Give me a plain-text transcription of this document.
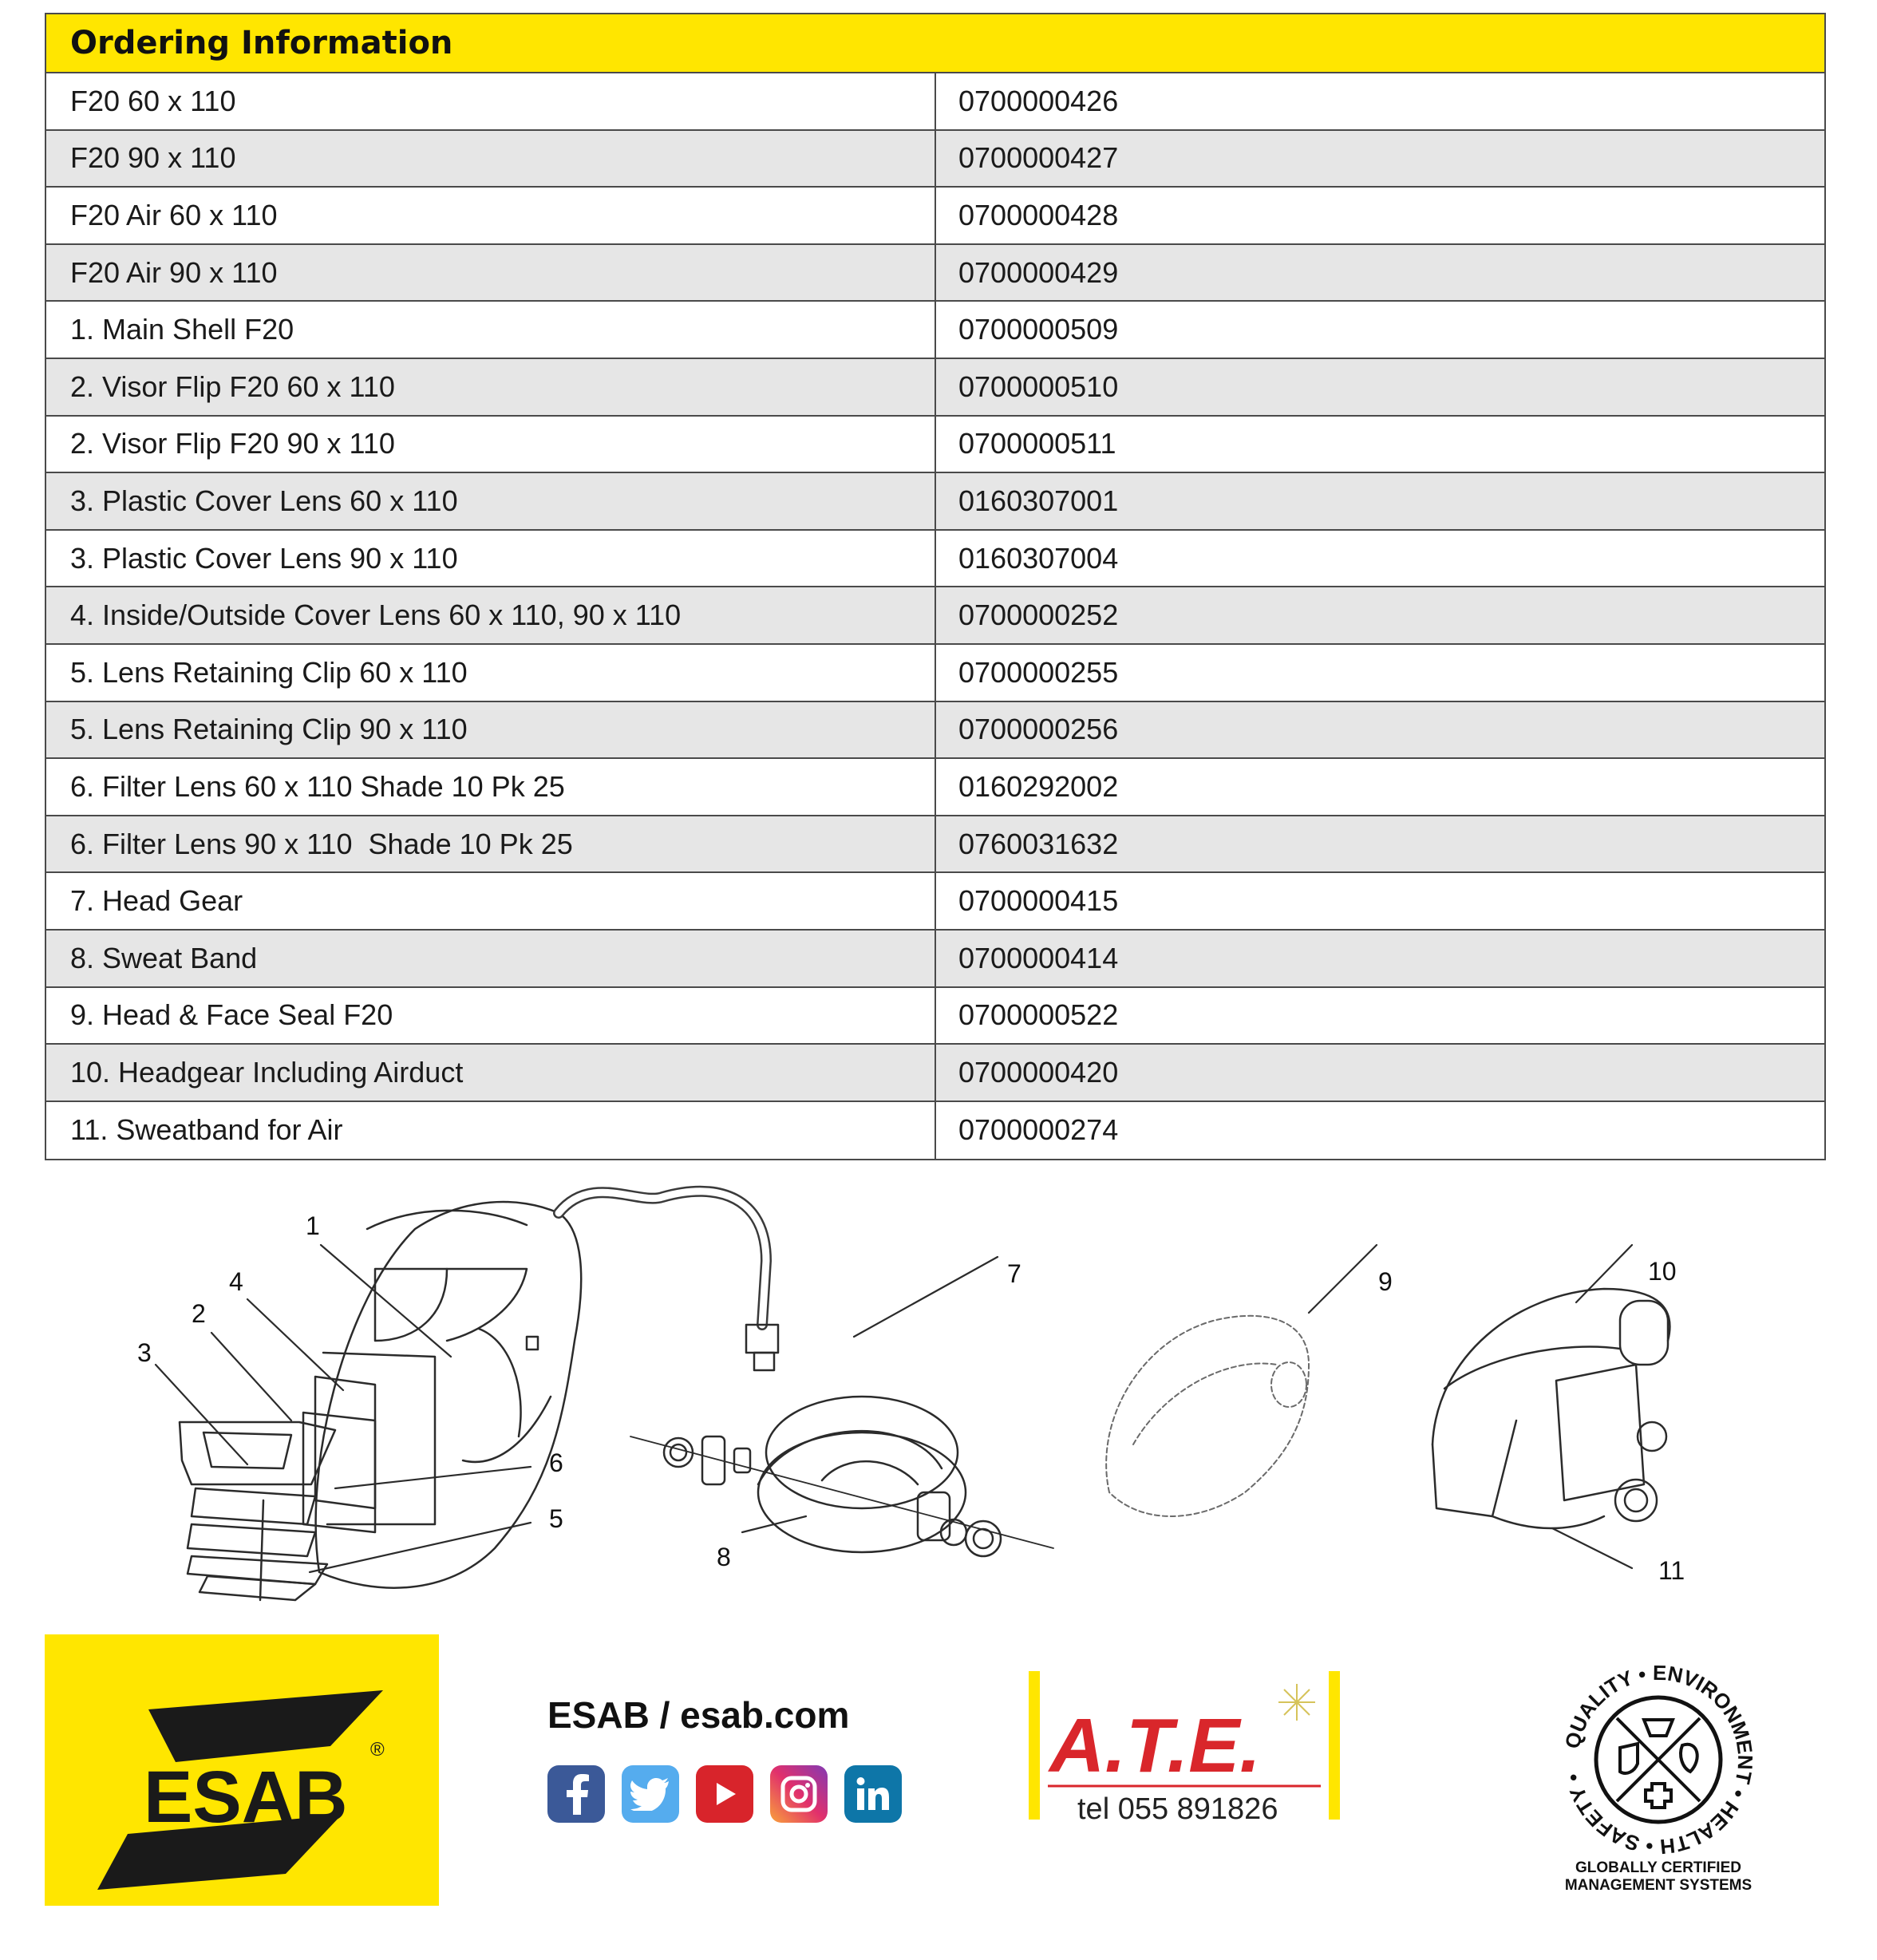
Ordering Information
F20 60 x 110	0700000426
F20 90 x 110	0700000427
F20 Air 60 x 110	0700000428
F20 Air 90 x 110	0700000429
1. Main Shell F20	0700000509
2. Visor Flip F20 60 x 110	0700000510
2. Visor Flip F20 90 x 110	0700000511
3. Plastic Cover Lens 60 x 110	0160307001
3. Plastic Cover Lens 90 x 110	0160307004
4. Inside/Outside Cover Lens 60 x 110, 90 x 110	0700000252
5. Lens Retaining Clip 60 x 110	0700000255
5. Lens Retaining Clip 90 x 110	0700000256
6. Filter Lens 60 x 110 Shade 10 Pk 25	0160292002
6. Filter Lens 90 x 110  Shade 10 Pk 25	0760031632
7. Head Gear	0700000415
8. Sweat Band	0700000414
9. Head & Face Seal F20	0700000522
10. Headgear Including Airduct	0700000420
11. Sweatband for Air	0700000274
1
2
3
4
5
6
7
8
9	10
11
ESAB
®
ESAB / esab.com	A.T.E.
tel 055 891826
QUALITY • ENVIRONMENT • HEALTH • SAFETY •
GLOBALLY CERTIFIED
MANAGEMENT SYSTEMS
